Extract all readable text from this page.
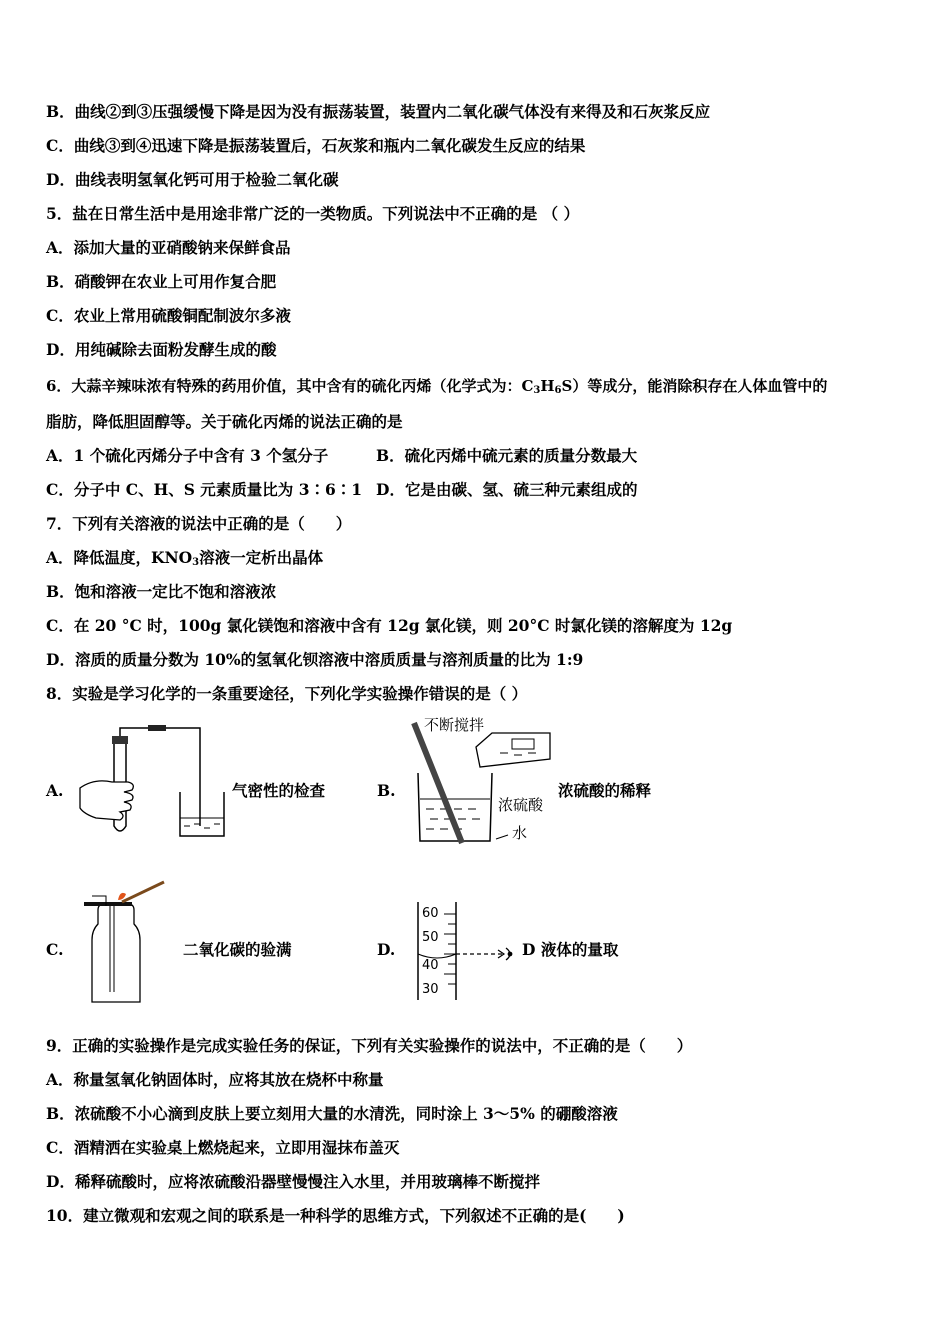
B．曲线②到③压强缓慢下降是因为没有振荡装置，装置内二氧化碳气体没有来得及和石灰浆反应
C．曲线③到④迅速下降是振荡装置后，石灰浆和瓶内二氧化碳发生反应的结果
D．曲线表明氢氧化钙可用于检验二氧化碳
5．盐在日常生活中是用途非常广泛的一类物质。下列说法中不正确的是 （ ）
A．添加大量的亚硝酸钠来保鲜食品
B．硝酸钾在农业上可用作复合肥
C．农业上常用硫酸铜配制波尔多液
D．用纯碱除去面粉发酵生成的酸
6．大蒜辛辣味浓有特殊的药用价值，其中含有的硫化丙烯（化学式为：$C_3H_6S$）等成分，能消除积存在人体血管中的
脂肪，降低胆固醇等。关于硫化丙烯的说法正确的是
A．1 个硫化丙烯分子中含有 3 个氢分子	B．硫化丙烯中硫元素的质量分数最大
C．分子中 C、H、S 元素质量比为 3∶6∶1 D．它是由碳、氢、硫三种元素组成的
7．下列有关溶液的说法中正确的是（　　）
A．降低温度，$KNO_3$溶液一定析出晶体
B．饱和溶液一定比不饱和溶液浓
C．在 20 °C 时，100g 氯化镁饱和溶液中含有 12g 氯化镁，则 20°C 时氯化镁的溶解度为 12g
D．溶质的质量分数为 10%的氢氧化钡溶液中溶质质量与溶剂质量的比为 1:9
8．实验是学习化学的一条重要途径，下列化学实验操作错误的是（ ）
A.	气密性的检查	B.
不断搅拌
浓硫酸
水
浓硫酸的稀释
C.	二氧化碳的验满	D.
60
50
40
30
D 液体的量取
9．正确的实验操作是完成实验任务的保证，下列有关实验操作的说法中，不正确的是（　　）
A．称量氢氧化钠固体时，应将其放在烧杯中称量
B．浓硫酸不小心滴到皮肤上要立刻用大量的水清洗，同时涂上 3～5% 的硼酸溶液
C．酒精洒在实验桌上燃烧起来，立即用湿抹布盖灭
D．稀释硫酸时，应将浓硫酸沿器壁慢慢注入水里，并用玻璃棒不断搅拌
10．建立微观和宏观之间的联系是一种科学的思维方式，下列叙述不正确的是(　　)
